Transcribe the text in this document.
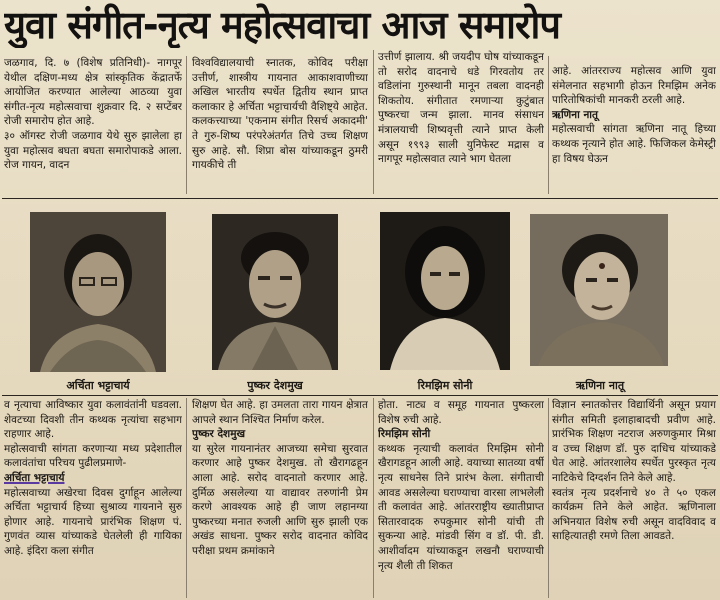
युवा संगीत-नृत्य महोत्सवाचा आज समारोप

जळगाव, दि. ७ (विशेष प्रतिनिधी)- नागपूर येथील दक्षिण-मध्य क्षेत्र सांस्कृतिक केंद्रातर्फे आयोजित करण्यात आलेल्या आठव्या युवा संगीत-नृत्य महोत्सवाचा शुक्रवार दि. २ सप्टेंबर रोजी समारोप होत आहे.

३० ऑगस्ट रोजी जळगाव येथे सुरु झालेला हा युवा महोत्सव बघता बघता समारोपाकडे आला. रोज गायन, वादन

विश्वविद्यालयाची स्नातक, कोविद परीक्षा उत्तीर्ण, शास्त्रीय गायनात आकाशवाणीच्या अखिल भारतीय स्पर्धेत द्वितीय स्थान प्राप्त कलाकार हे अर्चिता भट्टाचार्यची वैशिष्ट्ये आहेत. कलकत्त्याच्या 'एकनाम संगीत रिसर्च अकादमी' ते गुरु-शिष्य परंपरेअंतर्गत तिचे उच्च शिक्षण सुरु आहे. सौ. शिप्रा बोस यांच्याकडून ठुमरी गायकीचे ती

उत्तीर्ण झालाय. श्री जयदीप घोष यांच्याकडून तो सरोद वादनाचे धडे गिरवतोय तर वडिलांना गुरुस्थानी मानून तबला वादनही शिकतोय. संगीतात रमणाऱ्या कुटुंबात पुष्करचा जन्म झाला. मानव संसाधन मंत्रालयाची शिष्यवृत्ती त्याने प्राप्त केली असून १९९३ साली युनिफेस्ट मद्रास व नागपूर महोत्सवात त्याने भाग घेतला

आहे. आंतरराज्य महोत्सव आणि युवा संमेलनात सहभागी होऊन रिमझिम अनेक पारितोषिकांची मानकरी ठरली आहे.

ऋणिना नातू

महोत्सवाची सांगता ऋणिना नातू हिच्या कथ्थक नृत्याने होत आहे. फिजिकल केमेस्ट्री हा विषय घेऊन

अर्चिता भट्टाचार्य	पुष्कर देशमुख	रिमझिम सोनी	ऋणिना नातू

व नृत्याचा आविष्कार युवा कलावंतांनी घडवला. शेवटच्या दिवशी तीन कथ्थक नृत्यांचा सहभाग राहणार आहे.

महोत्सवाची सांगता करणाऱ्या मध्य प्रदेशातील कलावंतांचा परिचय पुढीलप्रमाणे-

अर्चिता भट्टाचार्य

महोत्सवाच्या अखेरचा दिवस दुर्गाहून आलेल्या अर्चिता भट्टाचार्य हिच्या सुश्राव्य गायनाने सुरु होणार आहे. गायनाचे प्रारंभिक शिक्षण पं. गुणवंत व्यास यांच्याकडे घेतलेली ही गायिका आहे. इंदिरा कला संगीत

शिक्षण घेत आहे. हा उमलता तारा गायन क्षेत्रात आपले स्थान निश्चित निर्माण करेल.

पुष्कर देशमुख

या सुरेल गायनानंतर आजच्या समेचा सुरवात करणार आहे पुष्कर देशमुख. तो खैरागढहून आला आहे. सरोद वादनातो करणार आहे. दुर्मिळ असलेल्या या वाद्यावर तरुणांनी प्रेम करणे आवश्यक आहे ही जाण लहानग्या पुष्करच्या मनात रुजली आणि सुरु झाली एक अखंड साधना. पुष्कर सरोद वादनात कोविद परीक्षा प्रथम क्रमांकाने

होता. नाट्य व समूह गायनात पुष्करला विशेष रुची आहे.

रिमझिम सोनी

कथ्थक नृत्याची कलावंत रिमझिम सोनी खैरागडहून आली आहे. वयाच्या सातव्या वर्षी नृत्य साधनेस तिने प्रारंभ केला. संगीताची आवड असलेल्या घराण्याचा वारसा लाभलेली ती कलावंत आहे. आंतरराष्ट्रीय ख्यातीप्राप्त सितारवादक रुपकुमार सोनी यांची ती सुकन्या आहे. मांडवी सिंग व डॉ. पी. डी. आशीर्वादम यांच्याकडून लखनौ घराण्याची नृत्य शैली ती शिकत

विज्ञान स्नातकोत्तर विद्यार्थिनी असून प्रयाग संगीत समिती इलाहाबादची प्रवीण आहे. प्रारंभिक शिक्षण नटराज अरुणकुमार मिश्रा व उच्च शिक्षण डॉ. पुरु दाधिच यांच्याकडे घेत आहे. आंतरशालेय स्पर्धेत पुरस्कृत नृत्य नाटिकेचे दिग्दर्शन तिने केले आहे.

स्वतंत्र नृत्य प्रदर्शनाचे ४० ते ५० एकल कार्यक्रम तिने केले आहेत. ऋणिनाला अभिनयात विशेष रुची असून वादविवाद व साहित्यातही रमणे तिला आवडते.
